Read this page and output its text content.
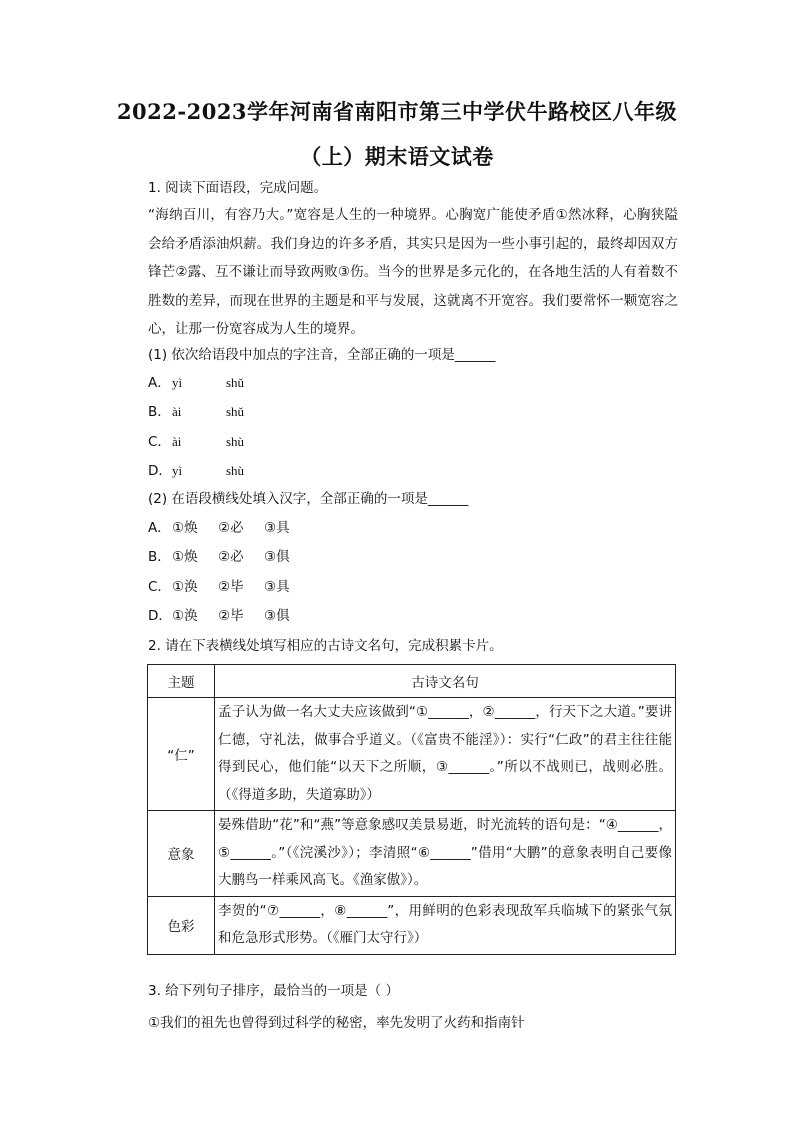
2022-2023学年河南省南阳市第三中学伏牛路校区八年级
（上）期末语文试卷
1. 阅读下面语段，完成问题。
“海纳百川，有容乃大。”宽容是人生的一种境界。心胸宽广能使矛盾①然冰释，心胸狭隘会给矛盾添油炽薪。我们身边的许多矛盾，其实只是因为一些小事引起的，最终却因双方锋芒②露、互不谦让而导致两败③伤。当今的世界是多元化的，在各地生活的人有着数不胜数的差异，而现在世界的主题是和平与发展，这就离不开宽容。我们要常怀一颗宽容之心，让那一份宽容成为人生的境界。
(1) 依次给语段中加点的字注音，全部正确的一项是______
A．yì	shǔ
B．ài	shǔ
C．ài	shù
D．yì	shù
(2) 在语段横线处填入汉字，全部正确的一项是______
A．①焕 ②必 ③具
B．①焕 ②必 ③俱
C．①涣 ②毕 ③具
D．①涣 ②毕 ③俱
2. 请在下表横线处填写相应的古诗文名句，完成积累卡片。
主题	古诗文名句
“仁”	孟子认为做一名大丈夫应该做到“①______，②______，行天下之大道。”要讲仁德，守礼法，做事合乎道义。（《富贵不能淫》）：实行“仁政”的君主往往能得到民心，他们能“以天下之所顺，③______。”所以不战则已，战则必胜。（《得道多助，失道寡助》）
意象	晏殊借助“花”和“燕”等意象感叹美景易逝，时光流转的语句是：“④______，⑤______。”（《浣溪沙》）；李清照“⑥______”借用“大鹏”的意象表明自己要像大鹏鸟一样乘风高飞。《渔家傲》）。
色彩	李贺的“⑦______，⑧______”，用鲜明的色彩表现敌军兵临城下的紧张气氛和危急形式形势。（《雁门太守行》）
3. 给下列句子排序，最恰当的一项是（ ）
①我们的祖先也曾得到过科学的秘密，率先发明了火药和指南针
